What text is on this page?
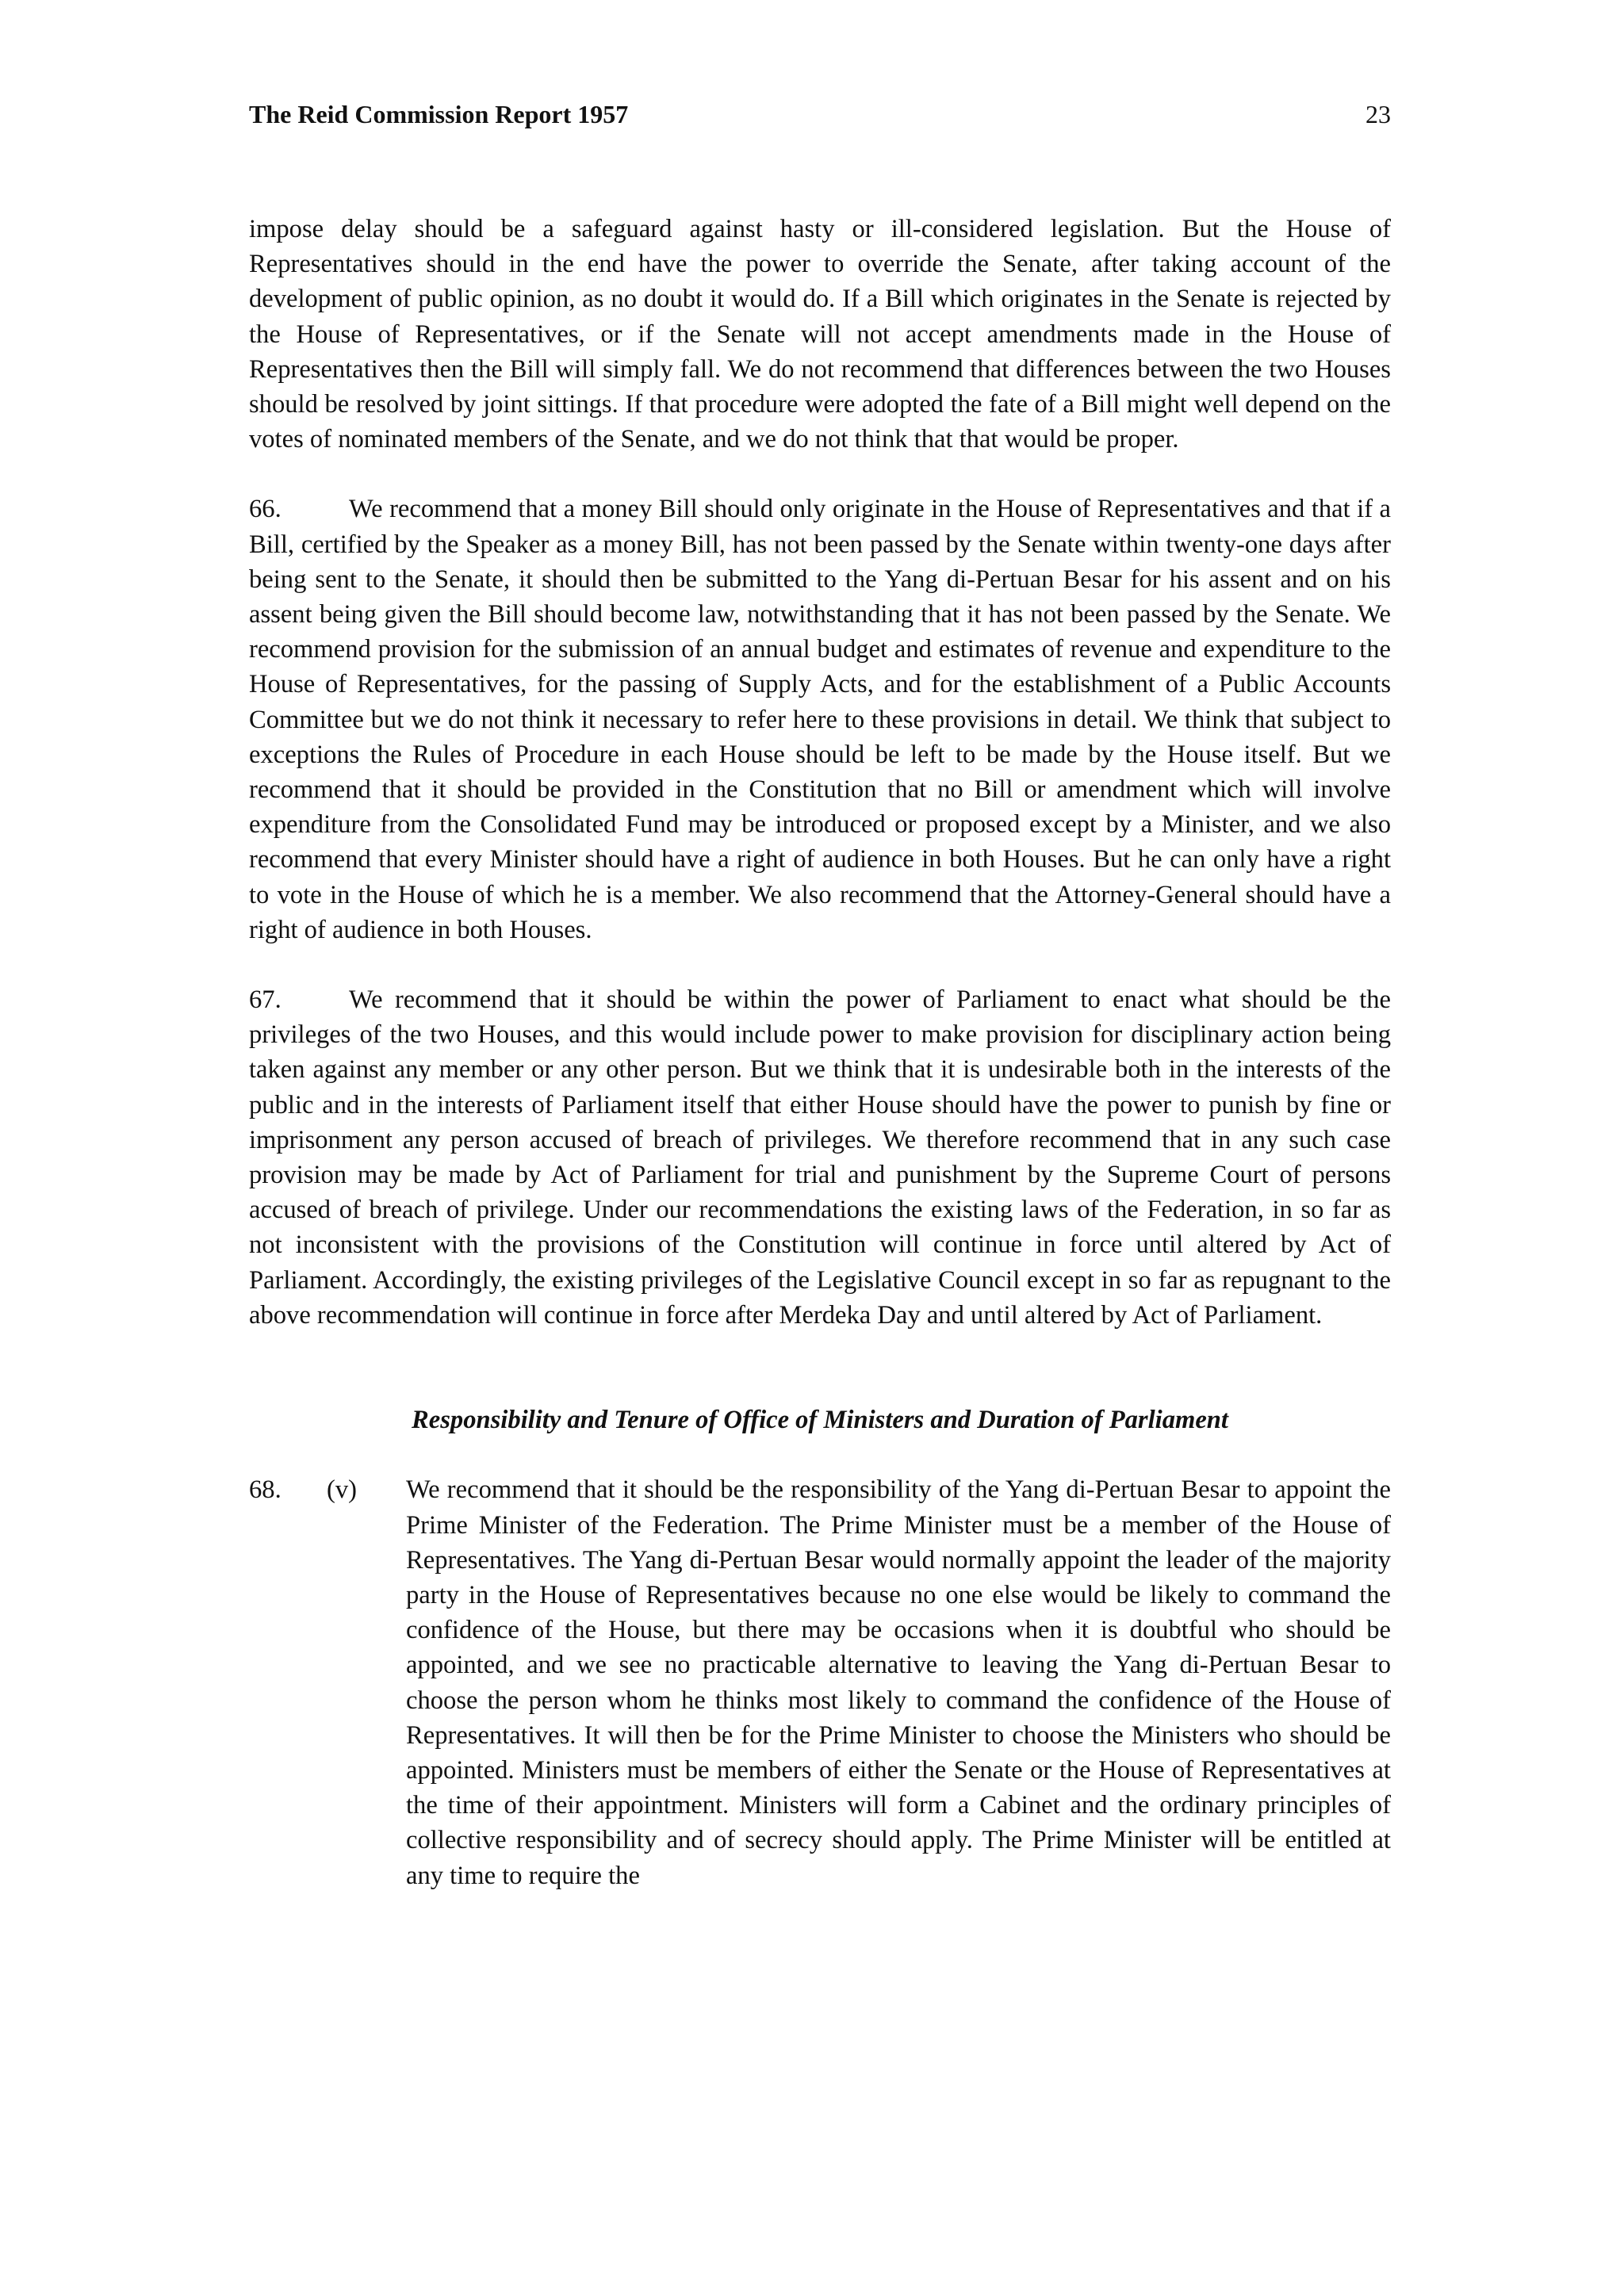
The Reid Commission Report 1957	23

impose delay should be a safeguard against hasty or ill-considered legislation. But the House of Representatives should in the end have the power to override the Senate, after taking account of the development of public opinion, as no doubt it would do. If a Bill which originates in the Senate is rejected by the House of Representatives, or if the Senate will not accept amendments made in the House of Representatives then the Bill will simply fall. We do not recommend that differences between the two Houses should be resolved by joint sittings. If that procedure were adopted the fate of a Bill might well depend on the votes of nominated members of the Senate, and we do not think that that would be proper.

66.	We recommend that a money Bill should only originate in the House of Representatives and that if a Bill, certified by the Speaker as a money Bill, has not been passed by the Senate within twenty-one days after being sent to the Senate, it should then be submitted to the Yang di-Pertuan Besar for his assent and on his assent being given the Bill should become law, notwithstanding that it has not been passed by the Senate. We recommend provision for the submission of an annual budget and estimates of revenue and expenditure to the House of Representatives, for the passing of Supply Acts, and for the establishment of a Public Accounts Committee but we do not think it necessary to refer here to these provisions in detail. We think that subject to exceptions the Rules of Procedure in each House should be left to be made by the House itself. But we recommend that it should be provided in the Constitution that no Bill or amendment which will involve expenditure from the Consolidated Fund may be introduced or proposed except by a Minister, and we also recommend that every Minister should have a right of audience in both Houses. But he can only have a right to vote in the House of which he is a member. We also recommend that the Attorney-General should have a right of audience in both Houses.

67.	We recommend that it should be within the power of Parliament to enact what should be the privileges of the two Houses, and this would include power to make provision for disciplinary action being taken against any member or any other person. But we think that it is undesirable both in the interests of the public and in the interests of Parliament itself that either House should have the power to punish by fine or imprisonment any person accused of breach of privileges. We therefore recommend that in any such case provision may be made by Act of Parliament for trial and punishment by the Supreme Court of persons accused of breach of privilege. Under our recommendations the existing laws of the Federation, in so far as not inconsistent with the provisions of the Constitution will continue in force until altered by Act of Parliament. Accordingly, the existing privileges of the Legislative Council except in so far as repugnant to the above recommendation will continue in force after Merdeka Day and until altered by Act of Parliament.

Responsibility and Tenure of Office of Ministers and Duration of Parliament
68. (v) We recommend that it should be the responsibility of the Yang di-Pertuan Besar to appoint the Prime Minister of the Federation. The Prime Minister must be a member of the House of Representatives. The Yang di-Pertuan Besar would normally appoint the leader of the majority party in the House of Representatives because no one else would be likely to command the confidence of the House, but there may be occasions when it is doubtful who should be appointed, and we see no practicable alternative to leaving the Yang di-Pertuan Besar to choose the person whom he thinks most likely to command the confidence of the House of Representatives. It will then be for the Prime Minister to choose the Ministers who should be appointed. Ministers must be members of either the Senate or the House of Representatives at the time of their appointment. Ministers will form a Cabinet and the ordinary principles of collective responsibility and of secrecy should apply. The Prime Minister will be entitled at any time to require the
